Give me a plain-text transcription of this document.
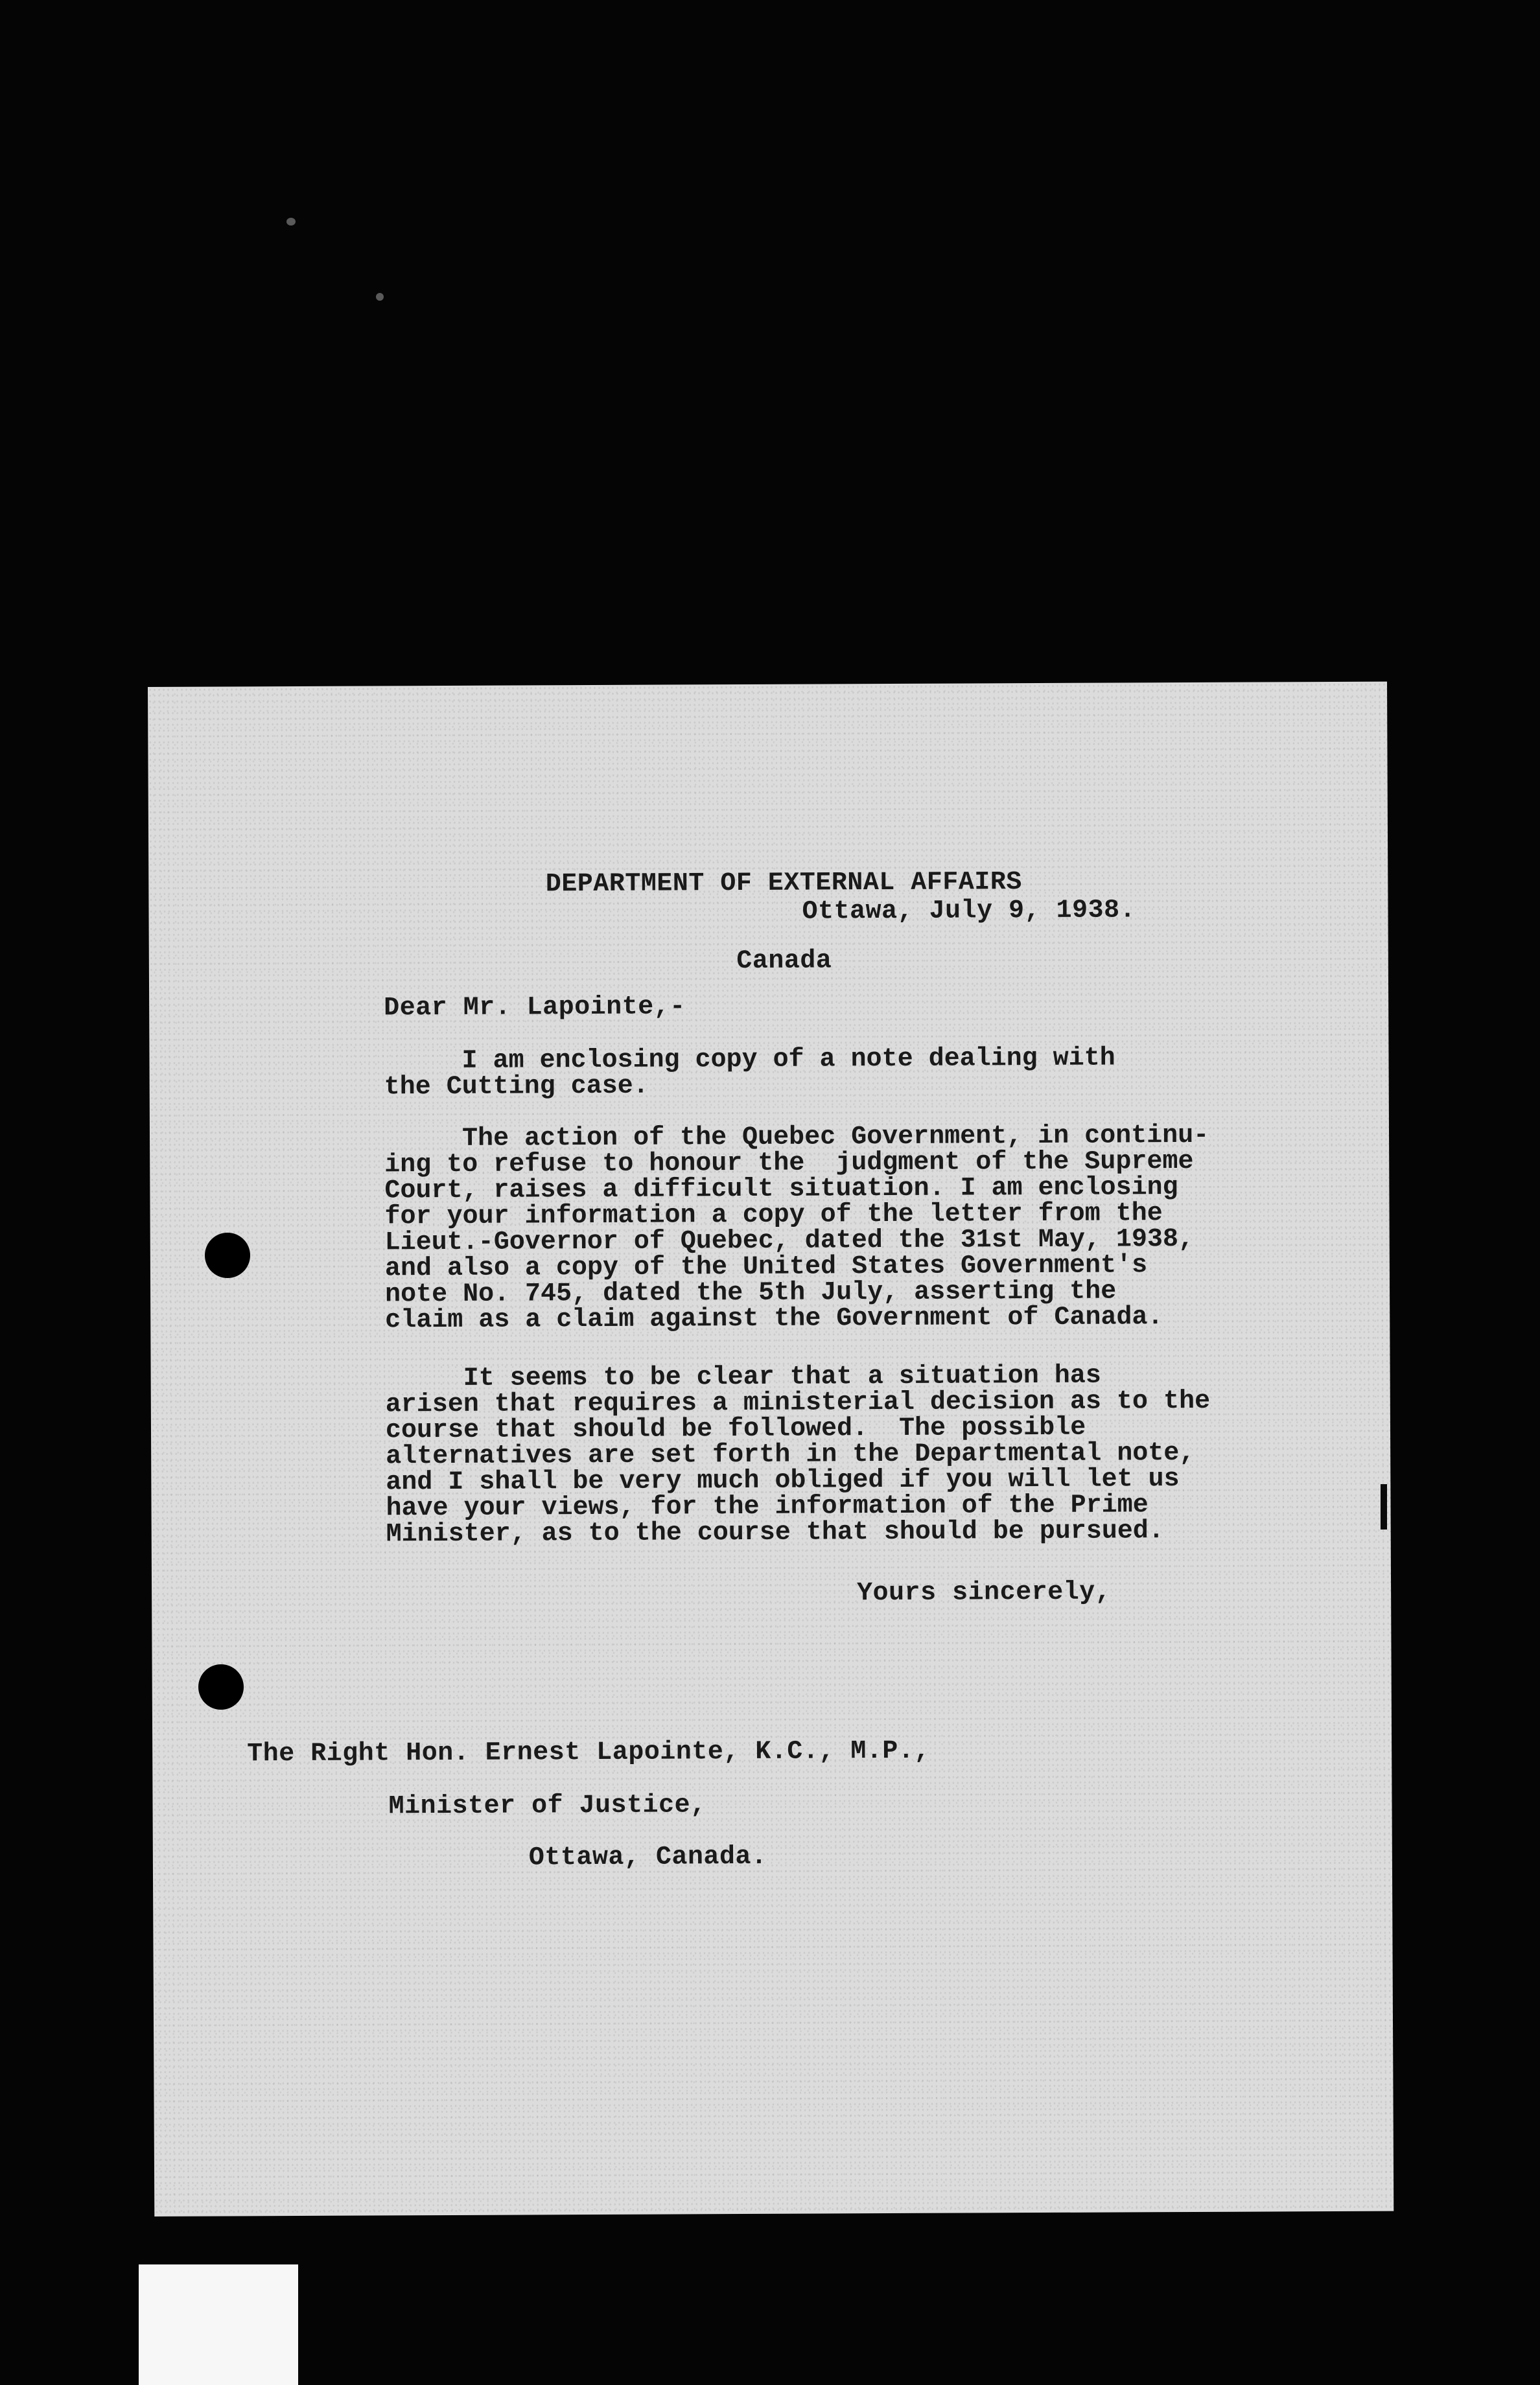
DEPARTMENT OF EXTERNAL AFFAIRS

Canada

Ottawa, July 9, 1938.
Dear Mr. Lapointe,-
I am enclosing copy of a note dealing with
the Cutting case.
The action of the Quebec Government, in continu-
ing to refuse to honour the  judgment of the Supreme
Court, raises a difficult situation. I am enclosing
for your information a copy of the letter from the
Lieut.-Governor of Quebec, dated the 31st May, 1938,
and also a copy of the United States Government's
note No. 745, dated the 5th July, asserting the
claim as a claim against the Government of Canada.
It seems to be clear that a situation has
arisen that requires a ministerial decision as to the
course that should be followed.  The possible
alternatives are set forth in the Departmental note,
and I shall be very much obliged if you will let us
have your views, for the information of the Prime
Minister, as to the course that should be pursued.
Yours sincerely,
The Right Hon. Ernest Lapointe, K.C., M.P.,
Minister of Justice,
Ottawa, Canada.
